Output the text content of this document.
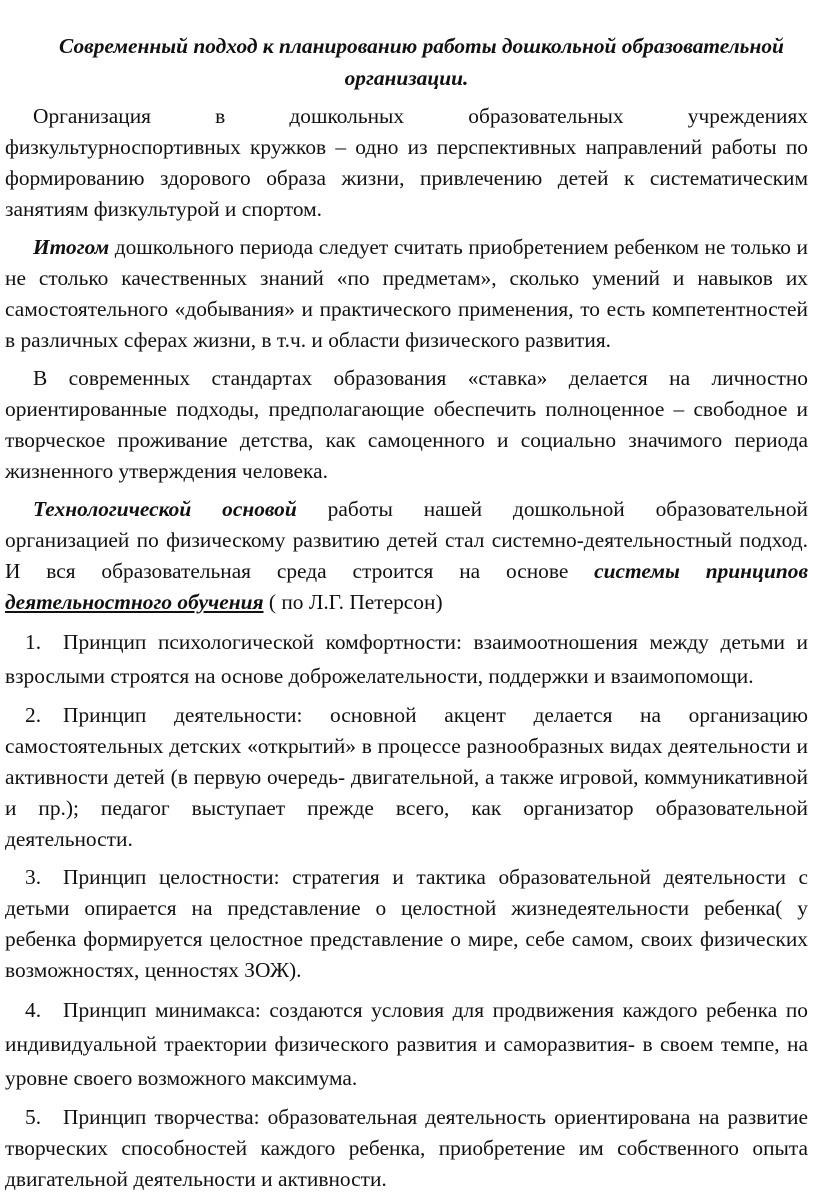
Современный подход к планированию работы дошкольной образовательной
организации.

Организация в дошкольных образовательных учреждениях физкультурноспортивных кружков – одно из перспективных направлений работы по формированию здорового образа жизни, привлечению детей к систематическим занятиям физкультурой и спортом.

Итогом дошкольного периода следует считать приобретением ребенком не только и не столько качественных знаний «по предметам», сколько умений и навыков их самостоятельного «добывания» и практического применения, то есть компетентностей в различных сферах жизни, в т.ч. и области физического развития.

В современных стандартах образования «ставка» делается на личностно ориентированные подходы, предполагающие обеспечить полноценное – свободное и творческое проживание детства, как самоценного и социально значимого периода жизненного утверждения человека.

Технологической основой работы нашей дошкольной образовательной организацией по физическому развитию детей стал системно-деятельностный подход. И вся образовательная среда строится на основе системы принципов деятельностного обучения ( по Л.Г. Петерсон)

1. Принцип психологической комфортности: взаимоотношения между детьми и взрослыми строятся на основе доброжелательности, поддержки и взаимопомощи.
2. Принцип деятельности: основной акцент делается на организацию самостоятельных детских «открытий» в процессе разнообразных видах деятельности и активности детей (в первую очередь- двигательной, а также игровой, коммуникативной и пр.); педагог выступает прежде всего, как организатор образовательной деятельности.
3. Принцип целостности: стратегия и тактика образовательной деятельности с детьми опирается на представление о целостной жизнедеятельности ребенка( у ребенка формируется целостное представление о мире, себе самом, своих физических возможностях, ценностях ЗОЖ).
4. Принцип минимакса: создаются условия для продвижения каждого ребенка по индивидуальной траектории физического развития и саморазвития- в своем темпе, на уровне своего возможного максимума.
5. Принцип творчества: образовательная деятельность ориентирована на развитие творческих способностей каждого ребенка, приобретение им собственного опыта двигательной деятельности и активности.
